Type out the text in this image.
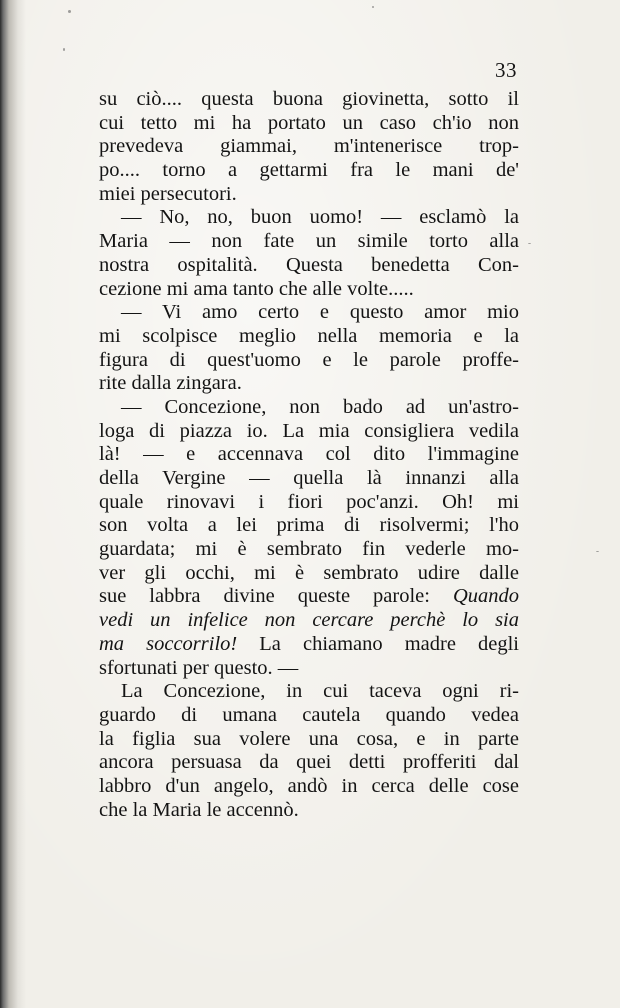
33
su ciò.... questa buona giovinetta, sotto il
cui tetto mi ha portato un caso ch'io non
prevedeva giammai, m'intenerisce trop-
po.... torno a gettarmi fra le mani de'
miei persecutori.
— No, no, buon uomo! — esclamò la
Maria — non fate un simile torto alla
nostra ospitalità. Questa benedetta Con-
cezione mi ama tanto che alle volte.....
— Vi amo certo e questo amor mio
mi scolpisce meglio nella memoria e la
figura di quest'uomo e le parole proffe-
rite dalla zingara.
— Concezione, non bado ad un'astro-
loga di piazza io. La mia consigliera vedila
là! — e accennava col dito l'immagine
della Vergine — quella là innanzi alla
quale rinovavi i fiori poc'anzi. Oh! mi
son volta a lei prima di risolvermi; l'ho
guardata; mi è sembrato fin vederle mo-
ver gli occhi, mi è sembrato udire dalle
sue labbra divine queste parole: Quando
vedi un infelice non cercare perchè lo sia
ma soccorrilo! La chiamano madre degli
sfortunati per questo. —
La Concezione, in cui taceva ogni ri-
guardo di umana cautela quando vedea
la figlia sua volere una cosa, e in parte
ancora persuasa da quei detti profferiti dal
labbro d'un angelo, andò in cerca delle cose
che la Maria le accennò.
